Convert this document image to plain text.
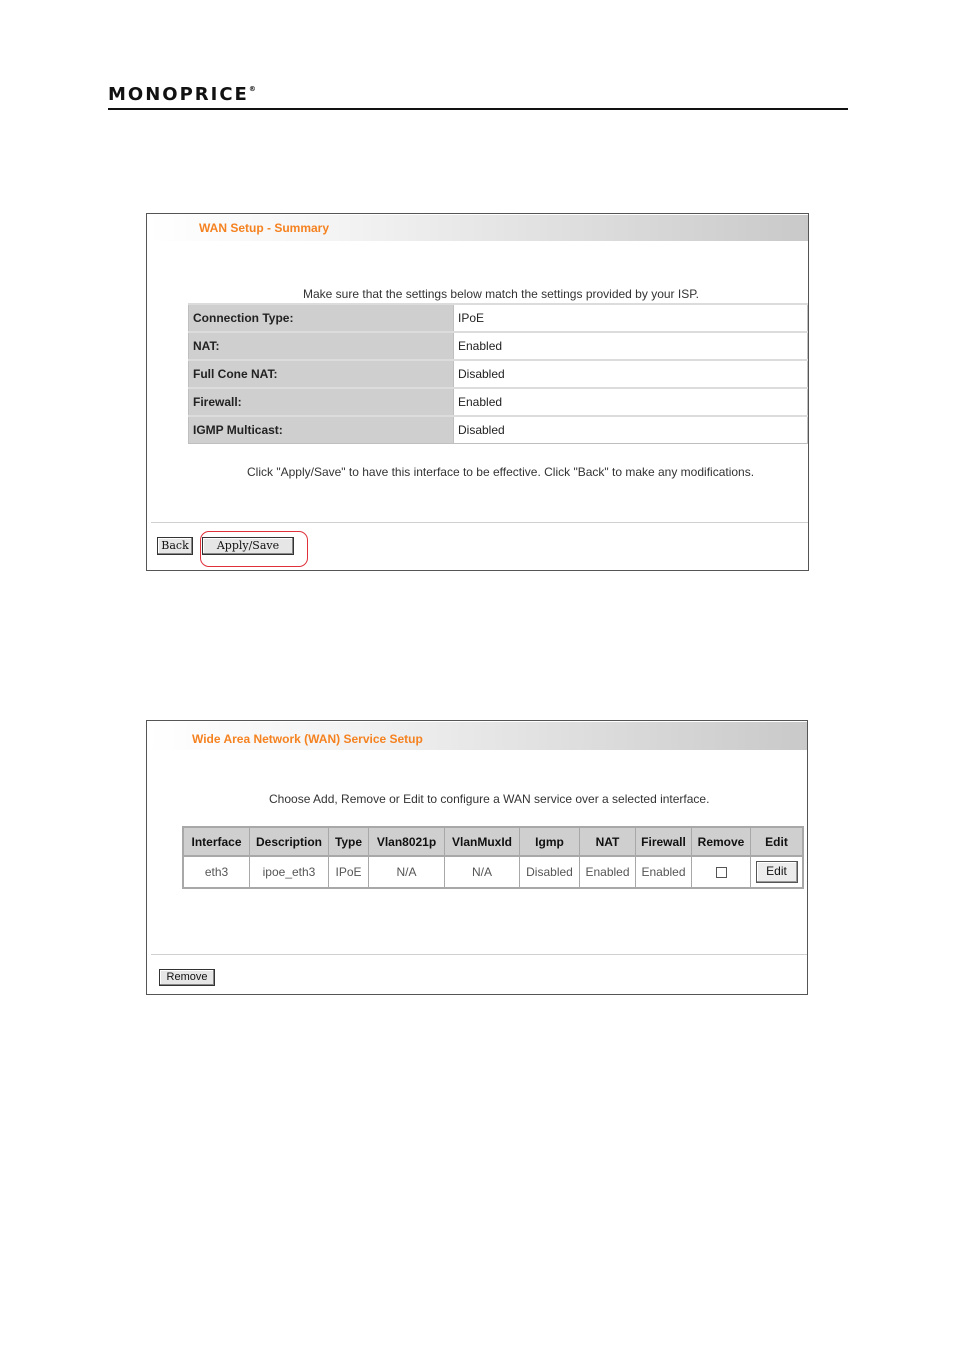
MONOPRICE®
WAN Setup - Summary
Make sure that the settings below match the settings provided by your ISP.
Connection Type:	IPoE
NAT:	Enabled
Full Cone NAT:	Disabled
Firewall:	Enabled
IGMP Multicast:	Disabled
Click "Apply/Save" to have this interface to be effective. Click "Back" to make any modifications.
Back	Apply/Save
Wide Area Network (WAN) Service Setup
Choose Add, Remove or Edit to configure a WAN service over a selected interface.
Interface	Description	Type	Vlan8021p	VlanMuxId	Igmp	NAT	Firewall	Remove	Edit
eth3	ipoe_eth3	IPoE	N/A	N/A	Disabled	Enabled	Enabled		Edit
Remove
